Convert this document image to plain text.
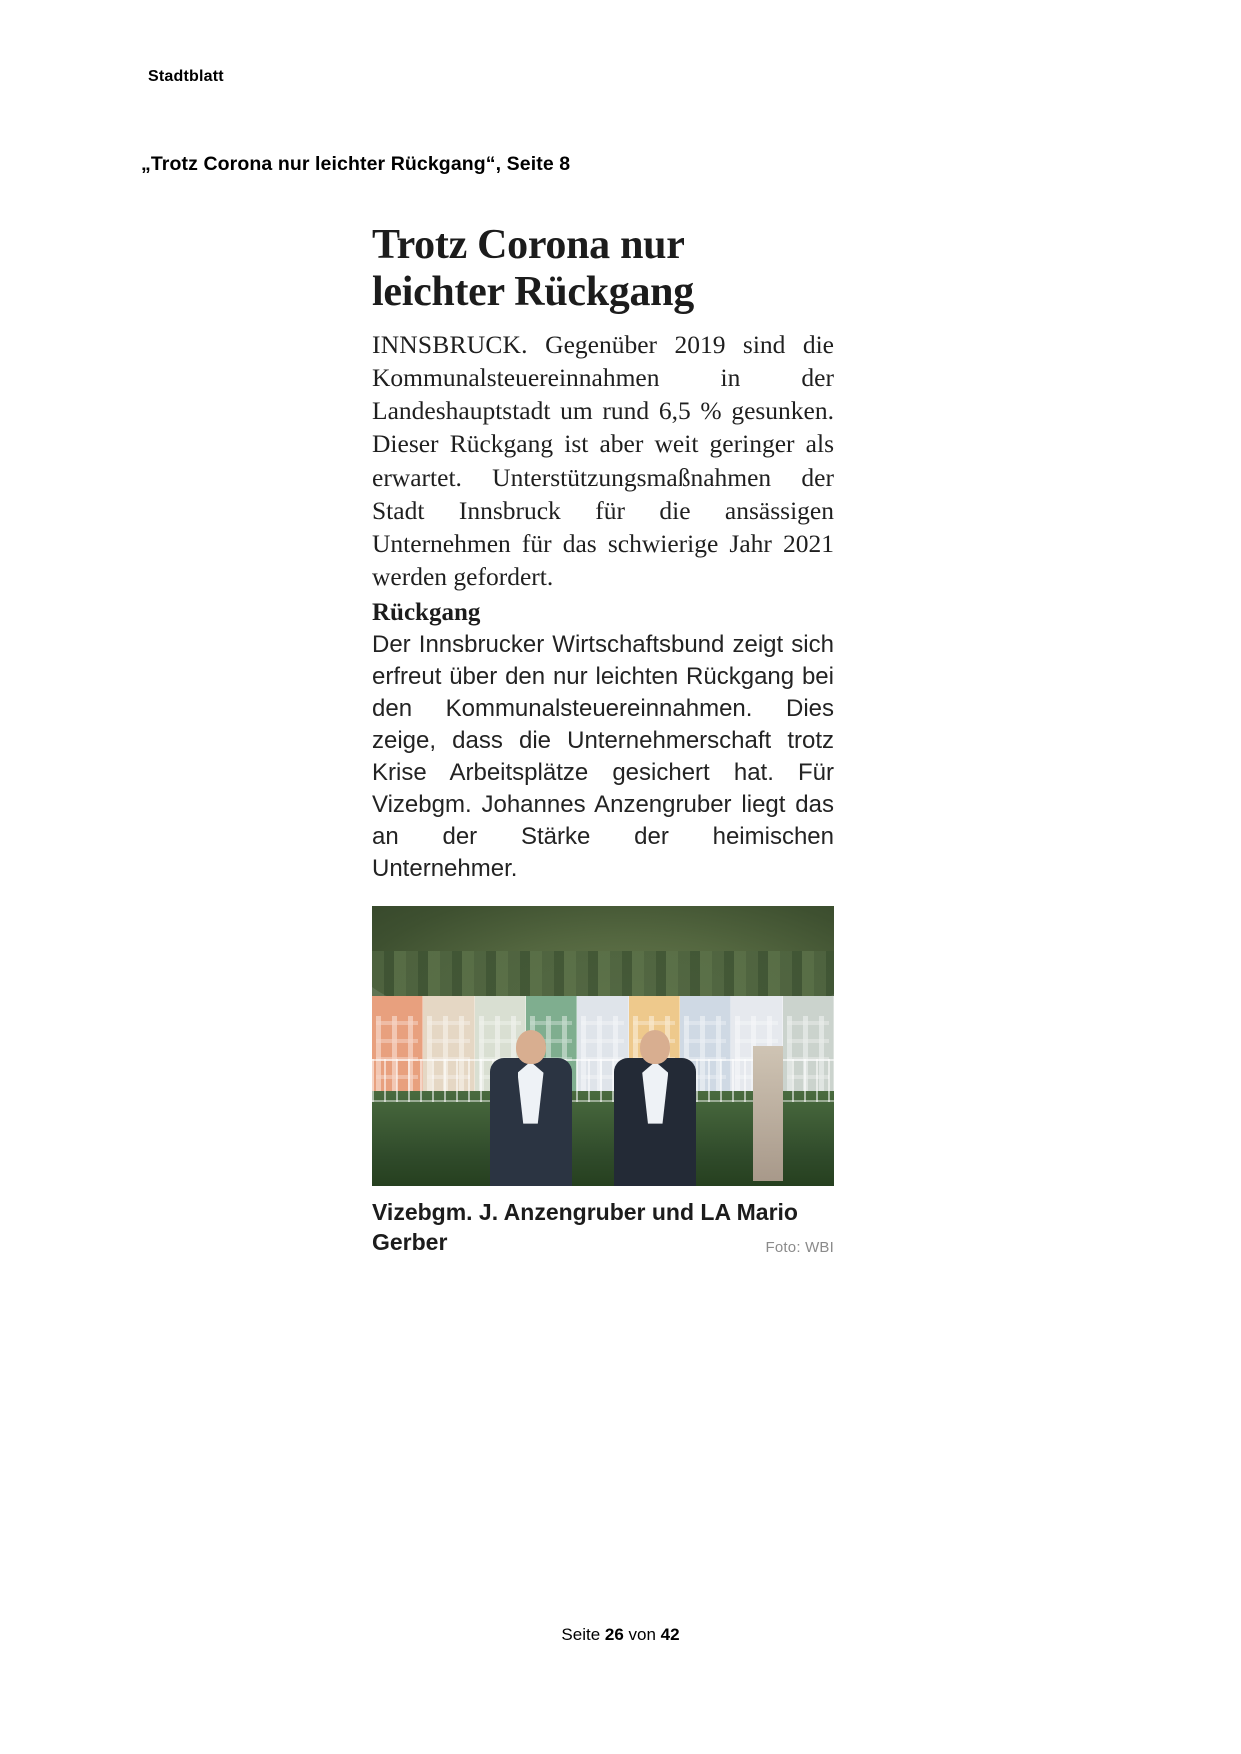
Stadtblatt
„Trotz Corona nur leichter Rückgang“, Seite 8
Trotz Corona nur
leichter Rückgang

INNSBRUCK. Gegenüber 2019 sind die Kommunalsteuereinnahmen in der Landeshauptstadt um rund 6,5 % gesunken. Dieser Rückgang ist aber weit geringer als erwartet. Unterstützungsmaßnahmen der Stadt Innsbruck für die ansässigen Unternehmen für das schwierige Jahr 2021 werden gefordert.

Rückgang

Der Innsbrucker Wirtschaftsbund zeigt sich erfreut über den nur leichten Rückgang bei den Kommunalsteuereinnahmen. Dies zeige, dass die Unternehmerschaft trotz Krise Arbeitsplätze gesichert hat. Für Vizebgm. Johannes Anzengruber liegt das an der Stärke der heimischen Unternehmer.

Vizebgm. J. Anzengruber und LA Mario Gerber	Foto: WBI
Seite 26 von 42
